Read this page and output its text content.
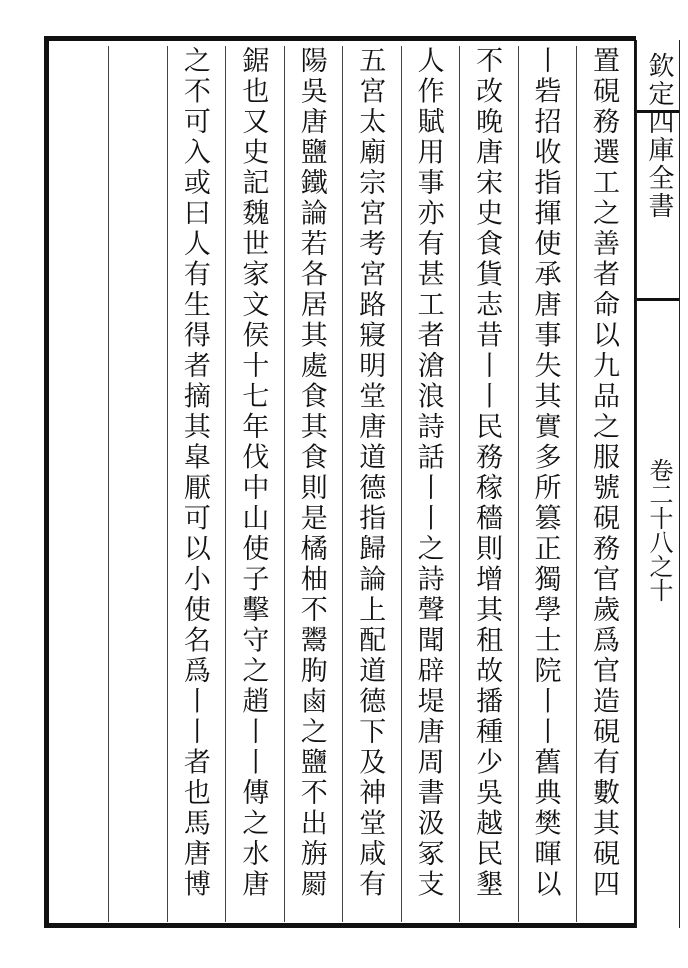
欽定四庫全書
卷二十八之十
置硯務選工之善者命以九品之服號硯務官歲爲官造硯有數其硯四
丨砦招收指揮使承唐事失其實多所篡正獨學士院丨丨舊典樊暉以
不改晚唐宋史食貨志昔丨丨民務稼穡則增其租故播種少吳越民墾
人作賦用事亦有甚工者滄浪詩話丨丨之詩聲聞辟堤唐周書汲冢支
五宮太廟宗宮考宮路寢明堂唐道德指歸論上配道德下及神堂咸有
陽吳唐鹽鐵論若各居其處食其食則是橘柚不鬻朐鹵之鹽不出旃罽
鋸也又史記魏世家文侯十七年伐中山使子擊守之趙丨丨傳之水唐
之不可入或曰人有生得者摘其皐厭可以小使名爲丨丨者也馬唐博
